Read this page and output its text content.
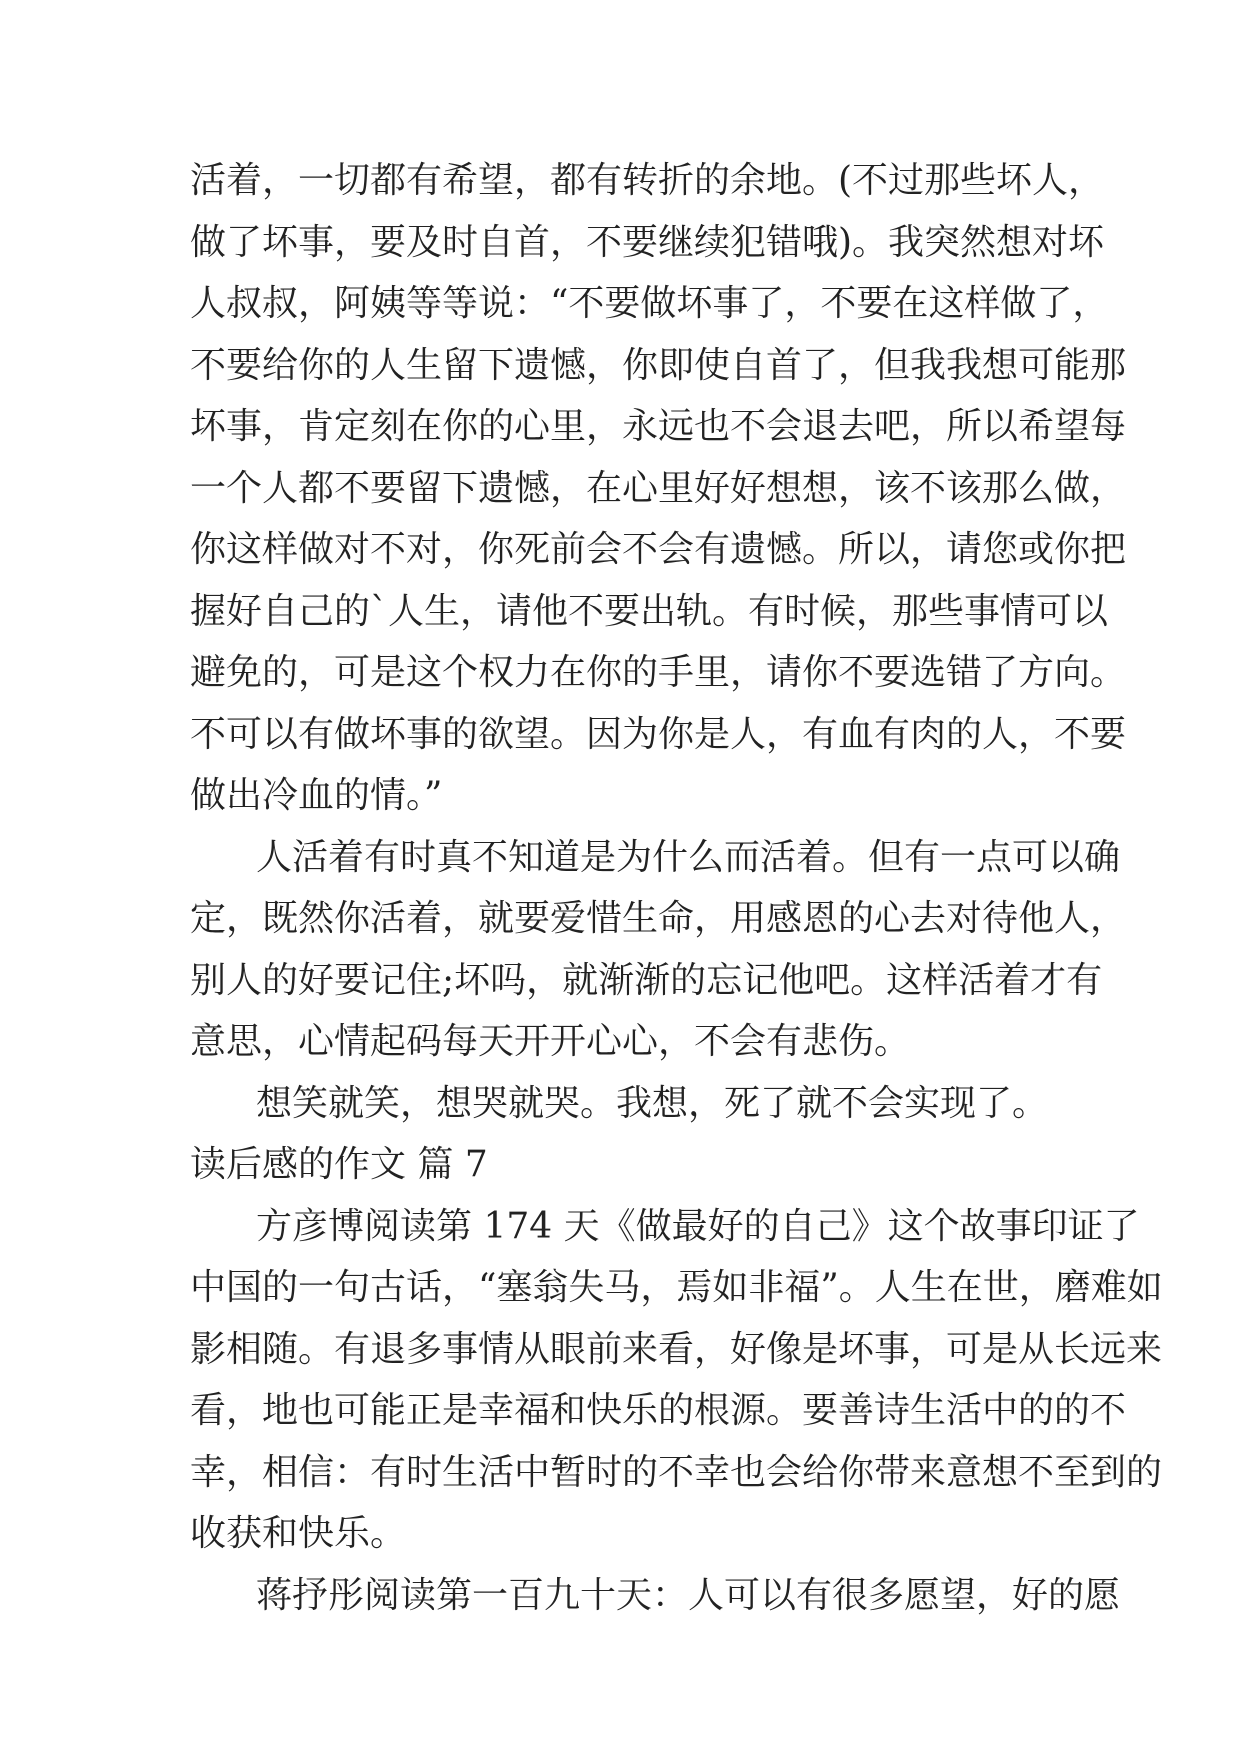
活着，一切都有希望，都有转折的余地。(不过那些坏人，
做了坏事，要及时自首，不要继续犯错哦)。我突然想对坏
人叔叔，阿姨等等说：“不要做坏事了，不要在这样做了，
不要给你的人生留下遗憾，你即使自首了，但我我想可能那
坏事，肯定刻在你的心里，永远也不会退去吧，所以希望每
一个人都不要留下遗憾，在心里好好想想，该不该那么做，
你这样做对不对，你死前会不会有遗憾。所以，请您或你把
握好自己的`人生，请他不要出轨。有时候，那些事情可以
避免的，可是这个权力在你的手里，请你不要选错了方向。
不可以有做坏事的欲望。因为你是人，有血有肉的人，不要
做出冷血的情。”
人活着有时真不知道是为什么而活着。但有一点可以确
定，既然你活着，就要爱惜生命，用感恩的心去对待他人，
别人的好要记住;坏吗，就渐渐的忘记他吧。这样活着才有
意思，心情起码每天开开心心，不会有悲伤。
想笑就笑，想哭就哭。我想，死了就不会实现了。
读后感的作文 篇 7
方彦博阅读第 174 天《做最好的自己》这个故事印证了
中国的一句古话，“塞翁失马，焉如非福”。人生在世，磨难如
影相随。有退多事情从眼前来看，好像是坏事，可是从长远来
看，地也可能正是幸福和快乐的根源。要善诗生活中的的不
幸，相信：有时生活中暂时的不幸也会给你带来意想不至到的
收获和快乐。
蒋抒彤阅读第一百九十天：人可以有很多愿望，好的愿
